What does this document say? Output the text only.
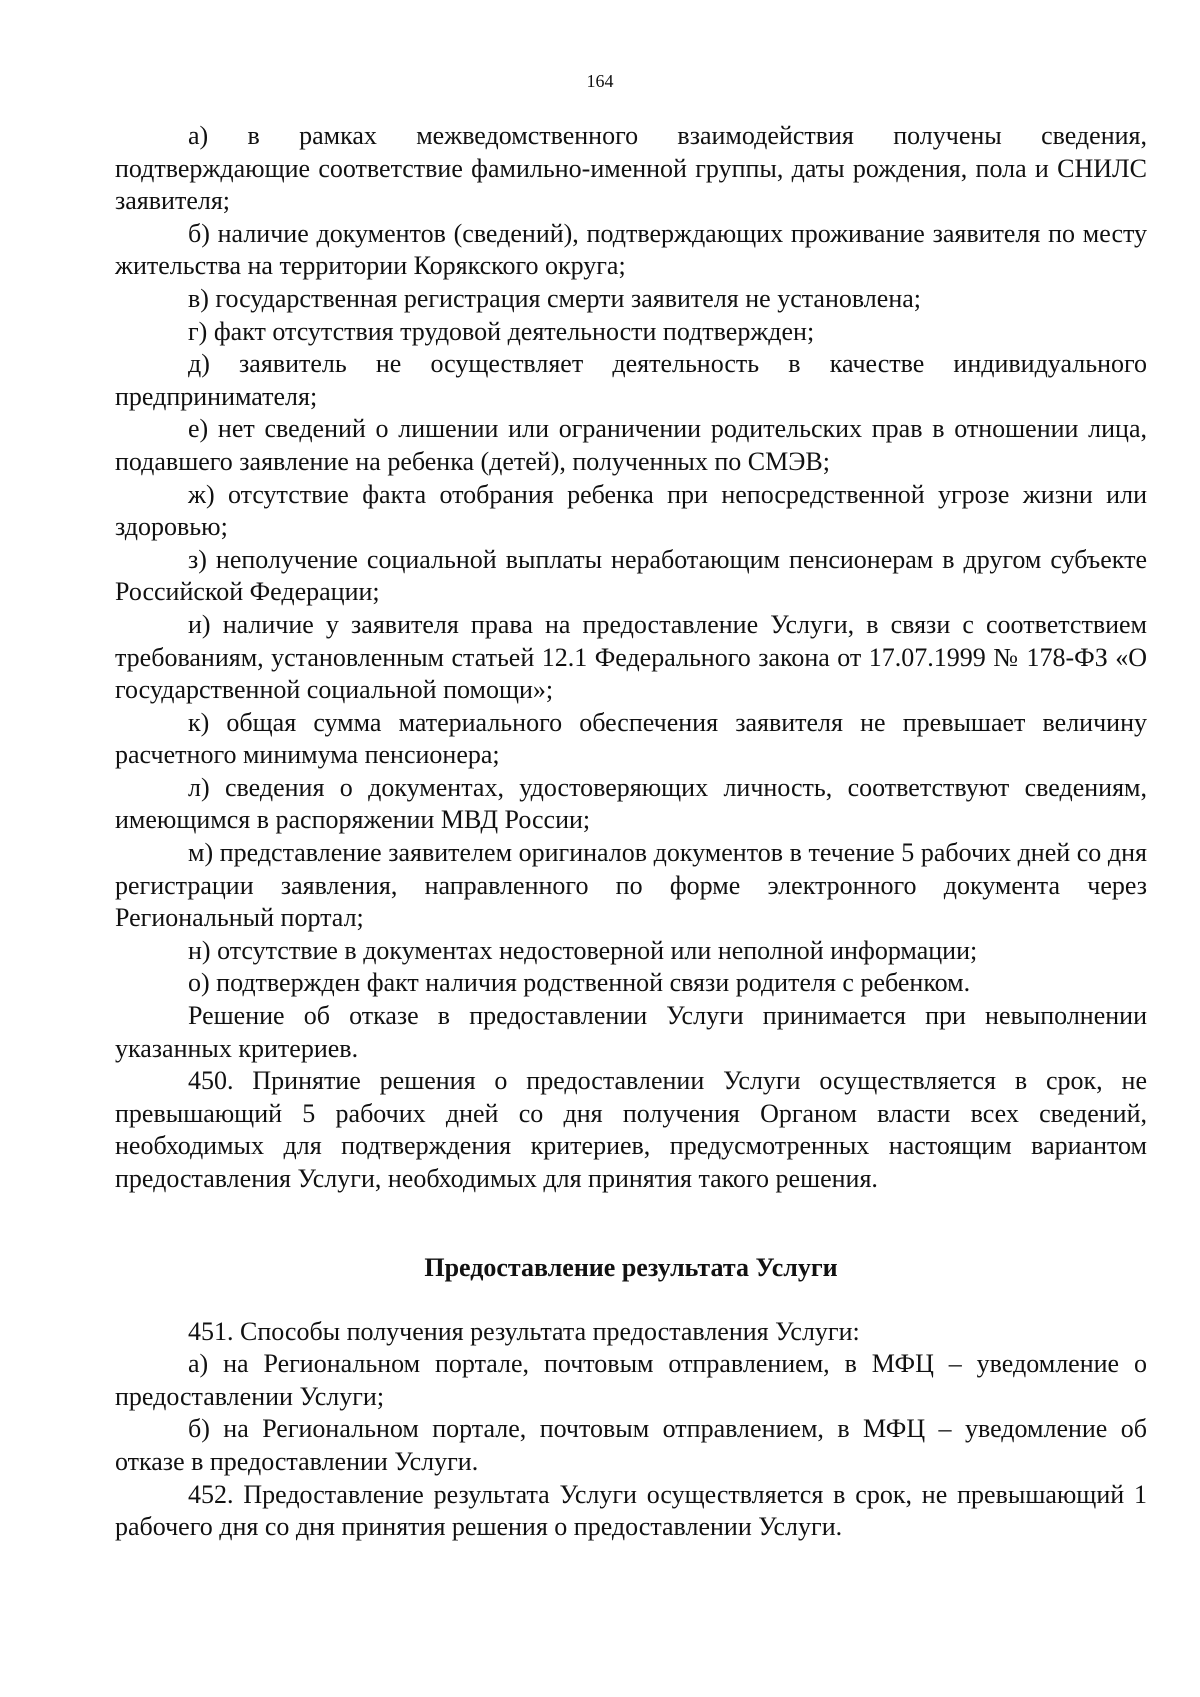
164

а) в рамках межведомственного взаимодействия получены сведения, подтверждающие соответствие фамильно-именной группы, даты рождения, пола и СНИЛС заявителя;

б) наличие документов (сведений), подтверждающих проживание заявителя по месту жительства на территории Корякского округа;

в) государственная регистрация смерти заявителя не установлена;

г) факт отсутствия трудовой деятельности подтвержден;

д) заявитель не осуществляет деятельность в качестве индивидуального предпринимателя;

е) нет сведений о лишении или ограничении родительских прав в отношении лица, подавшего заявление на ребенка (детей), полученных по СМЭВ;

ж) отсутствие факта отобрания ребенка при непосредственной угрозе жизни или здоровью;

з) неполучение социальной выплаты неработающим пенсионерам в другом субъекте Российской Федерации;

и) наличие у заявителя права на предоставление Услуги, в связи с соответствием требованиям, установленным статьей 12.1 Федерального закона от 17.07.1999 № 178-ФЗ «О государственной социальной помощи»;

к) общая сумма материального обеспечения заявителя не превышает величину расчетного минимума пенсионера;

л) сведения о документах, удостоверяющих личность, соответствуют сведениям, имеющимся в распоряжении МВД России;

м) представление заявителем оригиналов документов в течение 5 рабочих дней со дня регистрации заявления, направленного по форме электронного документа через Региональный портал;

н) отсутствие в документах недостоверной или неполной информации;

о) подтвержден факт наличия родственной связи родителя с ребенком.

Решение об отказе в предоставлении Услуги принимается при невыполнении указанных критериев.

450. Принятие решения о предоставлении Услуги осуществляется в срок, не превышающий 5 рабочих дней со дня получения Органом власти всех сведений, необходимых для подтверждения критериев, предусмотренных настоящим вариантом предоставления Услуги, необходимых для принятия такого решения.

Предоставление результата Услуги

451. Способы получения результата предоставления Услуги:

а) на Региональном портале, почтовым отправлением, в МФЦ – уведомление о предоставлении Услуги;

б) на Региональном портале, почтовым отправлением, в МФЦ – уведомление об отказе в предоставлении Услуги.

452. Предоставление результата Услуги осуществляется в срок, не превышающий 1 рабочего дня со дня принятия решения о предоставлении Услуги.
